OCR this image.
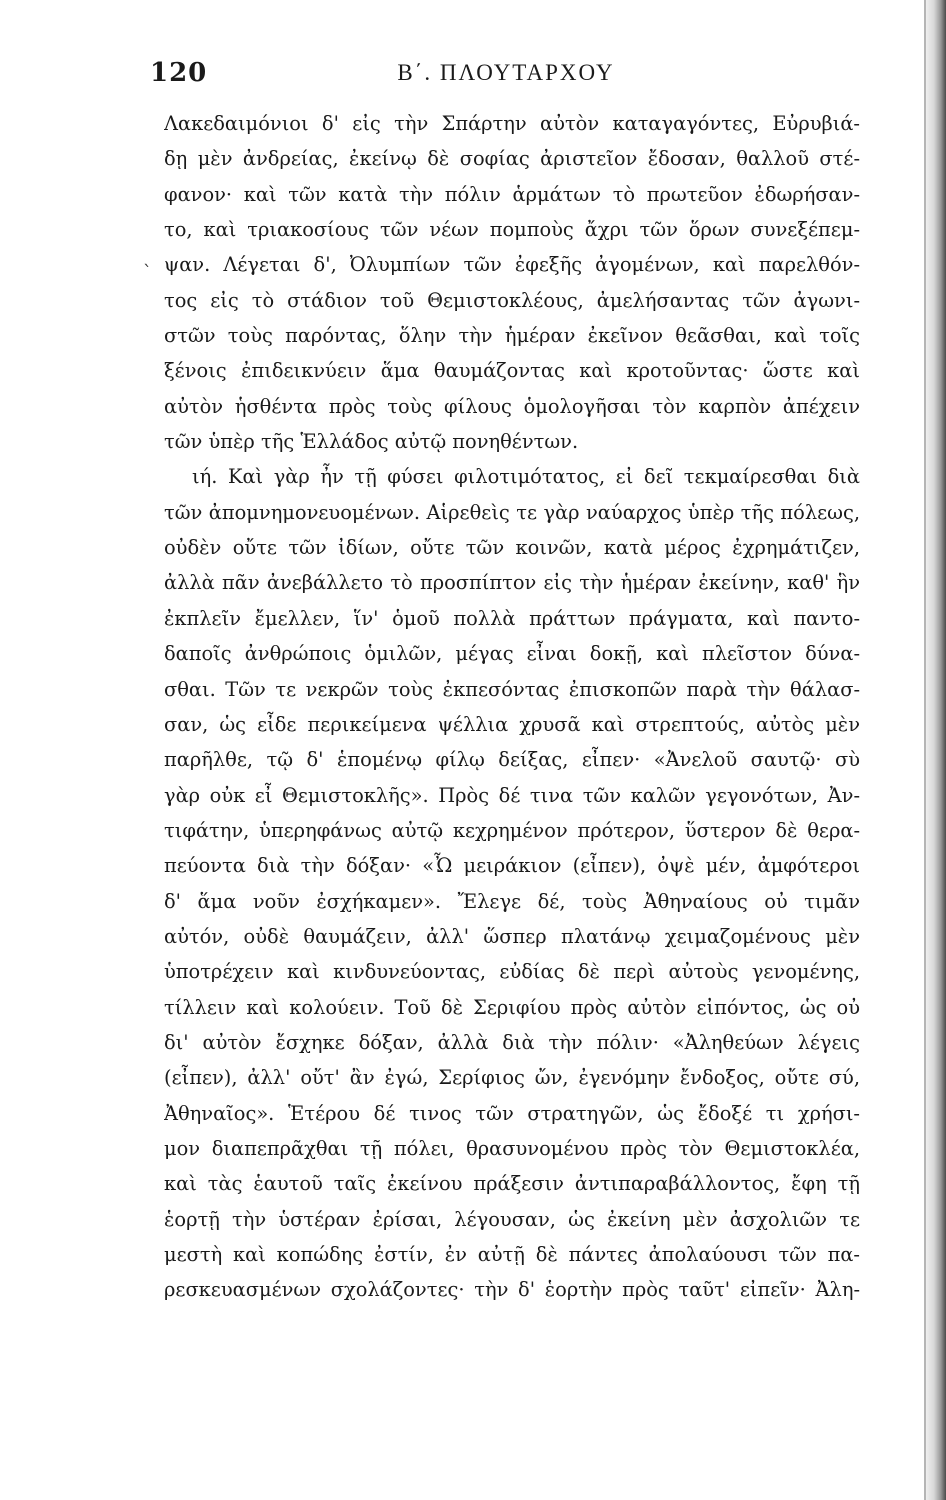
120	Β΄. ΠΛΟΥΤΑΡΧΟΥ
ˋ
Λακεδαιμόνιοι δ' εἰς τὴν Σπάρτην αὐτὸν καταγαγόντες, Εὐρυβιά-
δῃ μὲν ἀνδρείας, ἐκείνῳ δὲ σοφίας ἀριστεῖον ἔδοσαν, θαλλοῦ στέ-
φανον· καὶ τῶν κατὰ τὴν πόλιν ἁρμάτων τὸ πρωτεῦον ἐδωρήσαν-
το, καὶ τριακοσίους τῶν νέων πομποὺς ἄχρι τῶν ὅρων συνεξέπεμ-
ψαν. Λέγεται δ', Ὀλυμπίων τῶν ἐφεξῆς ἀγομένων, καὶ παρελθόν-
τος εἰς τὸ στάδιον τοῦ Θεμιστοκλέους, ἀμελήσαντας τῶν ἀγωνι-
στῶν τοὺς παρόντας, ὅλην τὴν ἡμέραν ἐκεῖνον θεᾶσθαι, καὶ τοῖς
ξένοις ἐπιδεικνύειν ἅμα θαυμάζοντας καὶ κροτοῦντας· ὥστε καὶ
αὐτὸν ἡσθέντα πρὸς τοὺς φίλους ὁμολογῆσαι τὸν καρπὸν ἀπέχειν
τῶν ὑπὲρ τῆς Ἑλλάδος αὐτῷ πονηθέντων.
ιή. Καὶ γὰρ ἦν τῇ φύσει φιλοτιμότατος, εἰ δεῖ τεκμαίρεσθαι διὰ
τῶν ἀπομνημονευομένων. Αἱρεθεὶς τε γὰρ ναύαρχος ὑπὲρ τῆς πόλεως,
οὐδὲν οὔτε τῶν ἰδίων, οὔτε τῶν κοινῶν, κατὰ μέρος ἐχρημάτιζεν,
ἀλλὰ πᾶν ἀνεβάλλετο τὸ προσπίπτον εἰς τὴν ἡμέραν ἐκείνην, καθ' ἣν
ἐκπλεῖν ἔμελλεν, ἵν' ὁμοῦ πολλὰ πράττων πράγματα, καὶ παντο-
δαποῖς ἀνθρώποις ὁμιλῶν, μέγας εἶναι δοκῇ, καὶ πλεῖστον δύνα-
σθαι. Τῶν τε νεκρῶν τοὺς ἐκπεσόντας ἐπισκοπῶν παρὰ τὴν θάλασ-
σαν, ὡς εἶδε περικείμενα ψέλλια χρυσᾶ καὶ στρεπτούς, αὐτὸς μὲν
παρῆλθε, τῷ δ' ἑπομένῳ φίλῳ δείξας, εἶπεν· «Ἀνελοῦ σαυτῷ· σὺ
γὰρ οὐκ εἶ Θεμιστοκλῆς». Πρὸς δέ τινα τῶν καλῶν γεγονότων, Ἀν-
τιφάτην, ὑπερηφάνως αὐτῷ κεχρημένον πρότερον, ὕστερον δὲ θερα-
πεύοντα διὰ τὴν δόξαν· «Ὦ μειράκιον (εἶπεν), ὀψὲ μέν, ἀμφότεροι
δ' ἅμα νοῦν ἐσχήκαμεν». Ἔλεγε δέ, τοὺς Ἀθηναίους οὐ τιμᾶν
αὐτόν, οὐδὲ θαυμάζειν, ἀλλ' ὥσπερ πλατάνῳ χειμαζομένους μὲν
ὑποτρέχειν καὶ κινδυνεύοντας, εὐδίας δὲ περὶ αὐτοὺς γενομένης,
τίλλειν καὶ κολούειν. Τοῦ δὲ Σεριφίου πρὸς αὐτὸν εἰπόντος, ὡς οὐ
δι' αὐτὸν ἔσχηκε δόξαν, ἀλλὰ διὰ τὴν πόλιν· «Ἀληθεύων λέγεις
(εἶπεν), ἀλλ' οὔτ' ἂν ἐγώ, Σερίφιος ὤν, ἐγενόμην ἔνδοξος, οὔτε σύ,
Ἀθηναῖος». Ἑτέρου δέ τινος τῶν στρατηγῶν, ὡς ἔδοξέ τι χρήσι-
μον διαπεπρᾶχθαι τῇ πόλει, θρασυνομένου πρὸς τὸν Θεμιστοκλέα,
καὶ τὰς ἑαυτοῦ ταῖς ἐκείνου πράξεσιν ἀντιπαραβάλλοντος, ἔφη τῇ
ἑορτῇ τὴν ὑστέραν ἐρίσαι, λέγουσαν, ὡς ἐκείνη μὲν ἀσχολιῶν τε
μεστὴ καὶ κοπώδης ἐστίν, ἐν αὐτῇ δὲ πάντες ἀπολαύουσι τῶν πα-
ρεσκευασμένων σχολάζοντες· τὴν δ' ἑορτὴν πρὸς ταῦτ' εἰπεῖν· Ἀλη-
